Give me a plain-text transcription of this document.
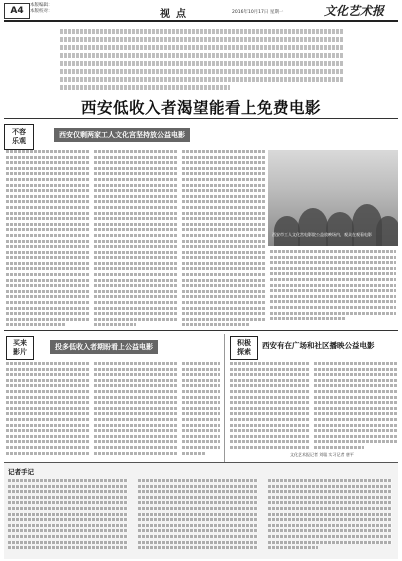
A4
本版编辑：
本版校对：	视点	2016年10月17日 星期一	文化艺术报
西安低收入者渴望能看上免费电影
不容
乐观
西安仅剩两家工人文化宫坚持放公益电影
西安市工人文化宫电影院公益放映场内，观众在观看电影
买来
影片
投多低收入者期盼看上公益电影	积极
探索
西安有在广场和社区播映公益电影
文化艺术报记者 刘聪 实习记者 唐平
记者手记
